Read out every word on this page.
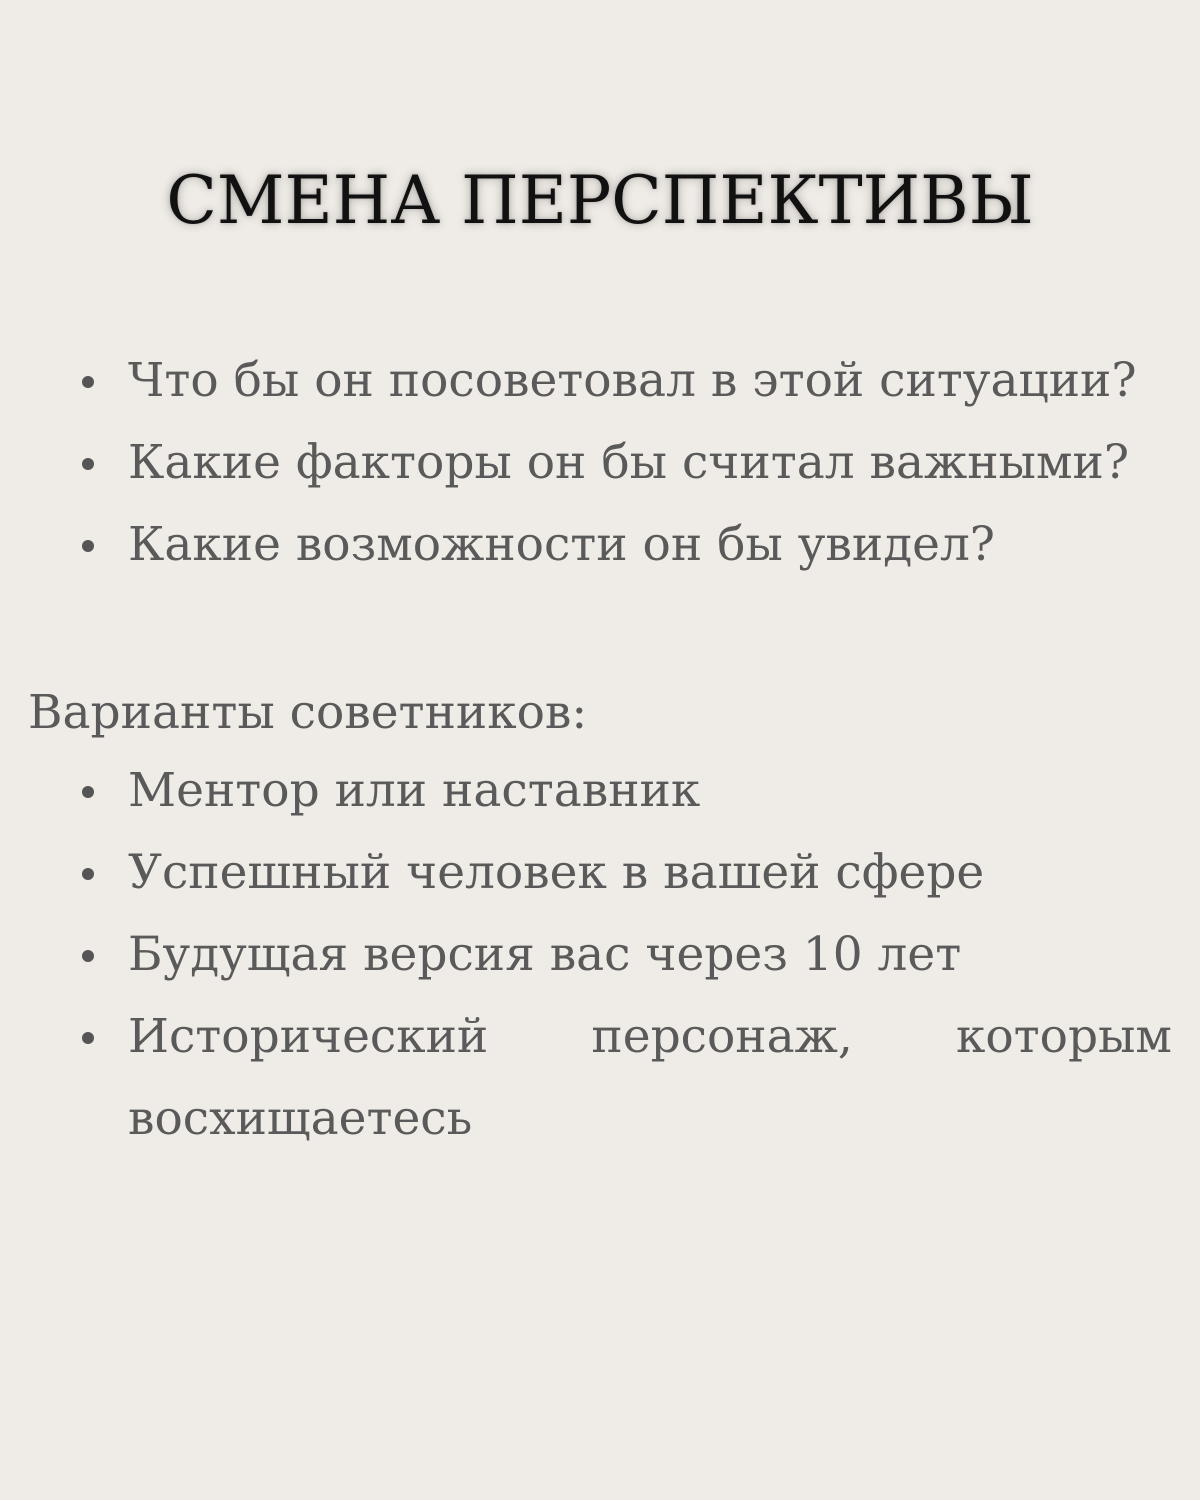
СМЕНА ПЕРСПЕКТИВЫ
Что бы он посоветовал в этой ситуации?
Какие факторы он бы считал важными?
Какие возможности он бы увидел?
Варианты советников:
Ментор или наставник
Успешный человек в вашей сфере
Будущая версия вас через 10 лет
Исторический персонаж, которым восхищаетесь
